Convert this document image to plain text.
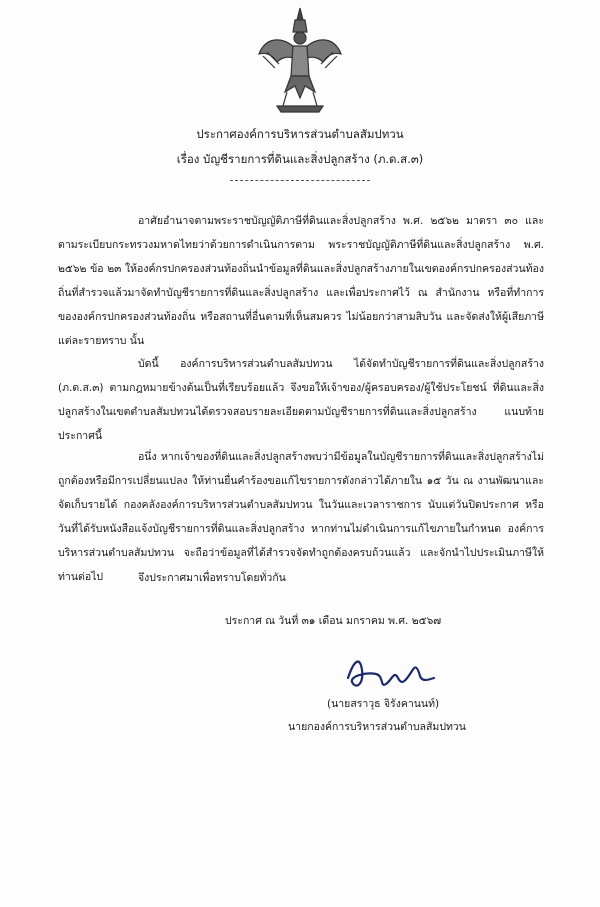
ประกาศองค์การบริหารส่วนตำบลสัมปทวน
เรื่อง บัญชีรายการที่ดินและสิ่งปลูกสร้าง (ภ.ด.ส.๓)

อาศัยอำนาจตามพระราชบัญญัติภาษีที่ดินและสิ่งปลูกสร้าง พ.ศ. ๒๕๖๒ มาตรา ๓๐ และตามระเบียบกระทรวงมหาดไทยว่าด้วยการดำเนินการตาม พระราชบัญญัติภาษีที่ดินและสิ่งปลูกสร้าง พ.ศ. ๒๕๖๒ ข้อ ๒๓ ให้องค์กรปกครองส่วนท้องถิ่นนำข้อมูลที่ดินและสิ่งปลูกสร้างภายในเขตองค์กรปกครองส่วนท้องถิ่นที่สำรวจแล้วมาจัดทำบัญชีรายการที่ดินและสิ่งปลูกสร้าง และเพื่อประกาศไว้ ณ สำนักงาน หรือที่ทำการขององค์กรปกครองส่วนท้องถิ่น หรือสถานที่อื่นตามที่เห็นสมควร ไม่น้อยกว่าสามสิบวัน และจัดส่งให้ผู้เสียภาษีแต่ละรายทราบ นั้น

บัดนี้ องค์การบริหารส่วนตำบลสัมปทวน ได้จัดทำบัญชีรายการที่ดินและสิ่งปลูกสร้าง (ภ.ด.ส.๓) ตามกฎหมายข้างต้นเป็นที่เรียบร้อยแล้ว จึงขอให้เจ้าของ/ผู้ครอบครอง/ผู้ใช้ประโยชน์ ที่ดินและสิ่งปลูกสร้างในเขตตำบลสัมปทวนได้ตรวจสอบรายละเอียดตามบัญชีรายการที่ดินและสิ่งปลูกสร้าง แนบท้ายประกาศนี้

อนึ่ง หากเจ้าของที่ดินและสิ่งปลูกสร้างพบว่ามีข้อมูลในบัญชีรายการที่ดินและสิ่งปลูกสร้างไม่ถูกต้องหรือมีการเปลี่ยนแปลง ให้ท่านยื่นคำร้องขอแก้ไขรายการดังกล่าวได้ภายใน ๑๕ วัน ณ งานพัฒนาและจัดเก็บรายได้ กองคลังองค์การบริหารส่วนตำบลสัมปทวน ในวันและเวลาราชการ นับแต่วันปิดประกาศ หรือวันที่ได้รับหนังสือแจ้งบัญชีรายการที่ดินและสิ่งปลูกสร้าง หากท่านไม่ดำเนินการแก้ไขภายในกำหนด องค์การบริหารส่วนตำบลสัมปทวน จะถือว่าข้อมูลที่ได้สำรวจจัดทำถูกต้องครบถ้วนแล้ว และจักนำไปประเมินภาษีให้ท่านต่อไป	จึงประกาศมาเพื่อทราบโดยทั่วกัน
ประกาศ ณ วันที่ ๓๑ เดือน มกราคม พ.ศ. ๒๕๖๗
(นายสราวุธ จิรังคานนท์)
นายกองค์การบริหารส่วนตำบลสัมปทวน
